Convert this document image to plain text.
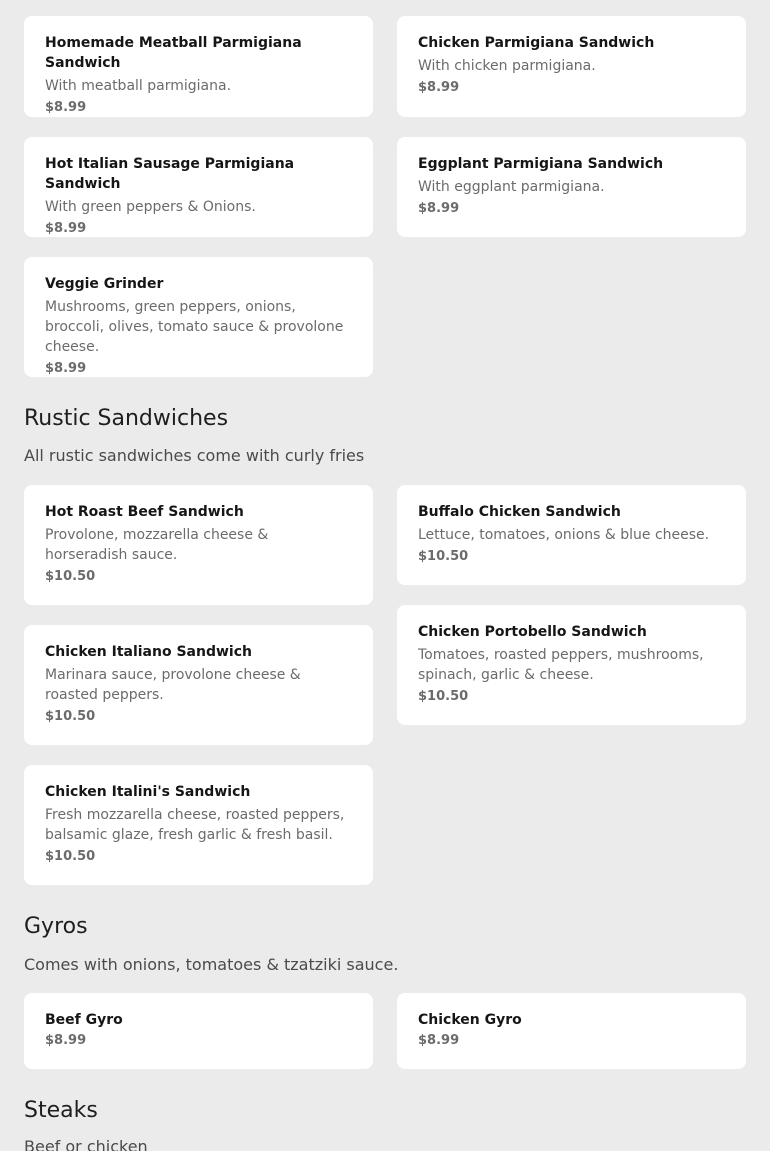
Homemade Meatball Parmigiana Sandwich
With meatball parmigiana.
$8.99
Chicken Parmigiana Sandwich
With chicken parmigiana.
$8.99
Hot Italian Sausage Parmigiana Sandwich
With green peppers & Onions.
$8.99
Eggplant Parmigiana Sandwich
With eggplant parmigiana.
$8.99
Veggie Grinder
Mushrooms, green peppers, onions, broccoli, olives, tomato sauce & provolone cheese.
$8.99
Rustic Sandwiches
All rustic sandwiches come with curly fries
Hot Roast Beef Sandwich
Provolone, mozzarella cheese & horseradish sauce.
$10.50
Buffalo Chicken Sandwich
Lettuce, tomatoes, onions & blue cheese.
$10.50
Chicken Italiano Sandwich
Marinara sauce, provolone cheese & roasted peppers.
$10.50
Chicken Portobello Sandwich
Tomatoes, roasted peppers, mushrooms, spinach, garlic & cheese.
$10.50
Chicken Italini's Sandwich
Fresh mozzarella cheese, roasted peppers, balsamic glaze, fresh garlic & fresh basil.
$10.50
Gyros
Comes with onions, tomatoes & tzatziki sauce.
Beef Gyro
$8.99
Chicken Gyro
$8.99
Steaks
Beef or chicken
